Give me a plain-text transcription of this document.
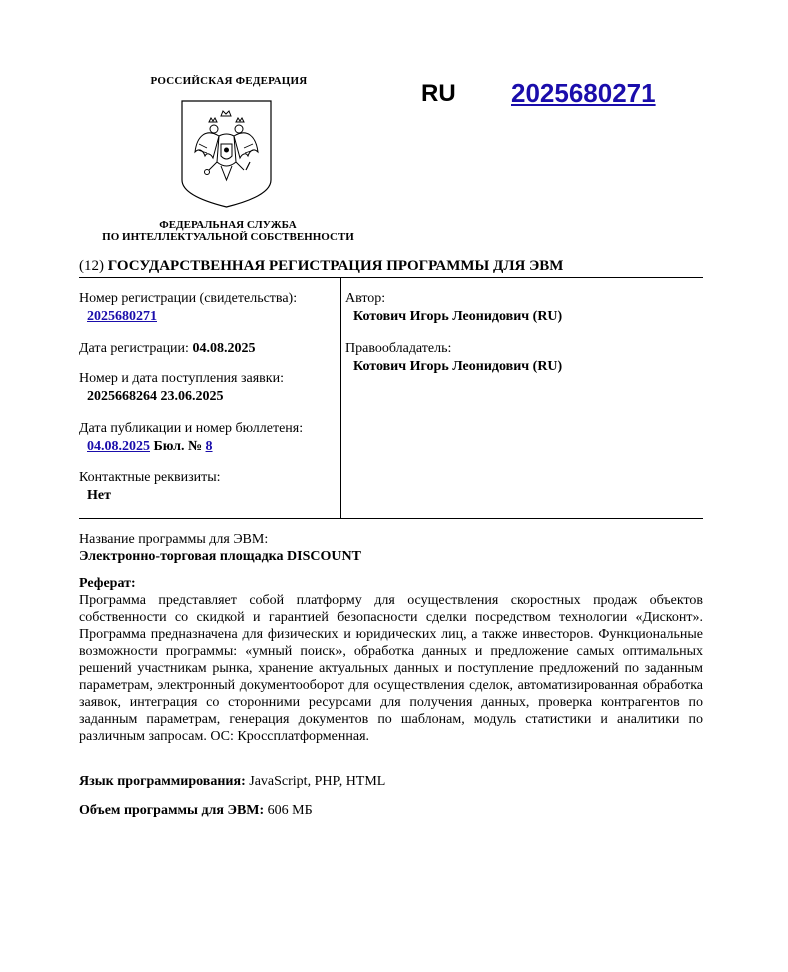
РОССИЙСКАЯ ФЕДЕРАЦИЯ
ФЕДЕРАЛЬНАЯ СЛУЖБА
ПО ИНТЕЛЛЕКТУАЛЬНОЙ СОБСТВЕННОСТИ
RU 2025680271
(12) ГОСУДАРСТВЕННАЯ РЕГИСТРАЦИЯ ПРОГРАММЫ ДЛЯ ЭВМ
Номер регистрации (свидетельства):
2025680271
Дата регистрации: 04.08.2025
Номер и дата поступления заявки:
2025668264 23.06.2025
Дата публикации и номер бюллетеня:
04.08.2025 Бюл. № 8
Контактные реквизиты:
Нет
Автор:
Котович Игорь Леонидович (RU)
Правообладатель:
Котович Игорь Леонидович (RU)
Название программы для ЭВМ:
Электронно-торговая площадка DISCOUNT
Реферат:
Программа представляет собой платформу для осуществления скоростных продаж объектов собственности со скидкой и гарантией безопасности сделки посредством технологии «Дисконт». Программа предназначена для физических и юридических лиц, а также инвесторов. Функциональные возможности программы: «умный поиск», обработка данных и предложение самых оптимальных решений участникам рынка, хранение актуальных данных и поступление предложений по заданным параметрам, электронный документооборот для осуществления сделок, автоматизированная обработка заявок, интеграция со сторонними ресурсами для получения данных, проверка контрагентов по заданным параметрам, генерация документов по шаблонам, модуль статистики и аналитики по различным запросам. ОС: Кроссплатформенная.
Язык программирования: JavaScript, PHP, HTML
Объем программы для ЭВМ: 606 МБ
